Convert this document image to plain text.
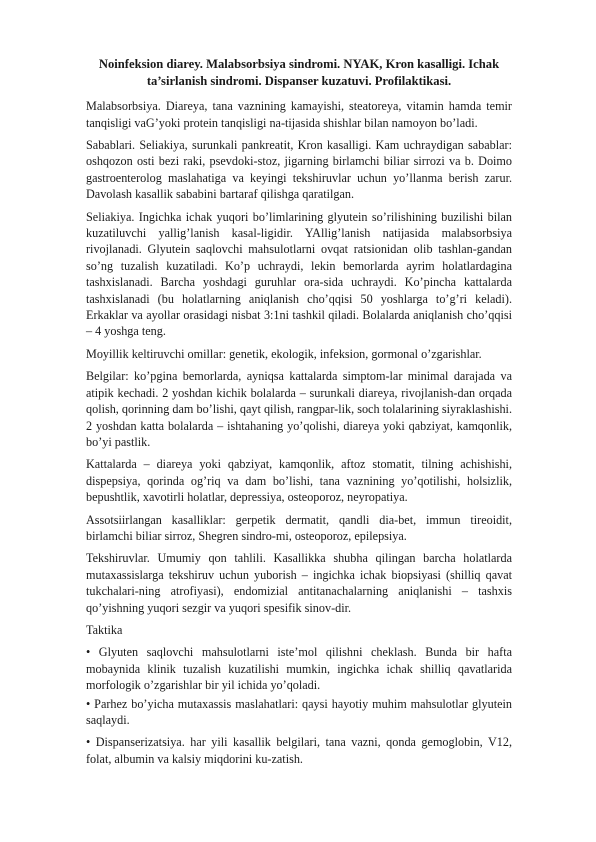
Noinfeksion diarey. Malabsorbsiya sindromi. NYAK, Kron kasalligi. Ichak ta’sirlanish sindromi. Dispanser kuzatuvi. Profilaktikasi.

Malabsorbsiya. Diareya, tana vaznining kamayishi, steatoreya, vitamin hamda temir tanqisligi vaG’yoki protein tanqisligi na-tijasida shishlar bilan namoyon bo’ladi.

Sabablari. Seliakiya, surunkali pankreatit, Kron kasalligi. Kam uchraydigan sabablar: oshqozon osti bezi raki, psevdoki-stoz, jigarning birlamchi biliar sirrozi va b. Doimo gastroenterolog maslahatiga va keyingi tekshiruvlar uchun yo’llanma berish zarur. Davolash kasallik sababini bartaraf qilishga qaratilgan.

Seliakiya. Ingichka ichak yuqori bo’limlarining glyutein so’rilishining buzilishi bilan kuzatiluvchi yallig’lanish kasal-ligidir. YAllig’lanish natijasida malabsorbsiya rivojlanadi. Glyutein saqlovchi mahsulotlarni ovqat ratsionidan olib tashlan-gandan so’ng tuzalish kuzatiladi. Ko’p uchraydi, lekin bemorlarda ayrim holatlardagina tashxislanadi. Barcha yoshdagi guruhlar ora-sida uchraydi. Ko’pincha kattalarda tashxislanadi (bu holatlarning aniqlanish cho’qqisi 50 yoshlarga to’g’ri keladi). Erkaklar va ayollar orasidagi nisbat 3:1ni tashkil qiladi. Bolalarda aniqlanish cho’qqisi – 4 yoshga teng.

Moyillik keltiruvchi omillar: genetik, ekologik, infeksion, gormonal o’zgarishlar.

Belgilar: ko’pgina bemorlarda, ayniqsa kattalarda simptom-lar minimal darajada va atipik kechadi. 2 yoshdan kichik bolalarda – surunkali diareya, rivojlanish-dan orqada qolish, qorinning dam bo’lishi, qayt qilish, rangpar-lik, soch tolalarining siyraklashishi. 2 yoshdan katta bolalarda – ishtahaning yo’qolishi, diareya yoki qabziyat, kamqonlik, bo’yi pastlik.

Kattalarda – diareya yoki qabziyat, kamqonlik, aftoz stomatit, tilning achishishi, dispepsiya, qorinda og’riq va dam bo’lishi, tana vaznining yo’qotilishi, holsizlik, bepushtlik, xavotirli holatlar, depressiya, osteoporoz, neyropatiya.

Assotsiirlangan kasalliklar: gerpetik dermatit, qandli dia-bet, immun tireoidit, birlamchi biliar sirroz, Shegren sindro-mi, osteoporoz, epilepsiya.

Tekshiruvlar. Umumiy qon tahlili. Kasallikka shubha qilingan barcha holatlarda mutaxassislarga tekshiruv uchun yuborish – ingichka ichak biopsiyasi (shilliq qavat tukchalari-ning atrofiyasi), endomizial antitanachalarning aniqlanishi – tashxis qo’yishning yuqori sezgir va yuqori spesifik sinov-dir.

Taktika

• Glyuten saqlovchi mahsulotlarni iste’mol qilishni cheklash. Bunda bir hafta mobaynida klinik tuzalish kuzatilishi mumkin, ingichka ichak shilliq qavatlarida morfologik o’zgarishlar bir yil ichida yo’qoladi.

• Parhez bo’yicha mutaxassis maslahatlari: qaysi hayotiy muhim mahsulotlar glyutein saqlaydi.

• Dispanserizatsiya. har yili kasallik belgilari, tana vazni, qonda gemoglobin, V12, folat, albumin va kalsiy miqdorini ku-zatish.
